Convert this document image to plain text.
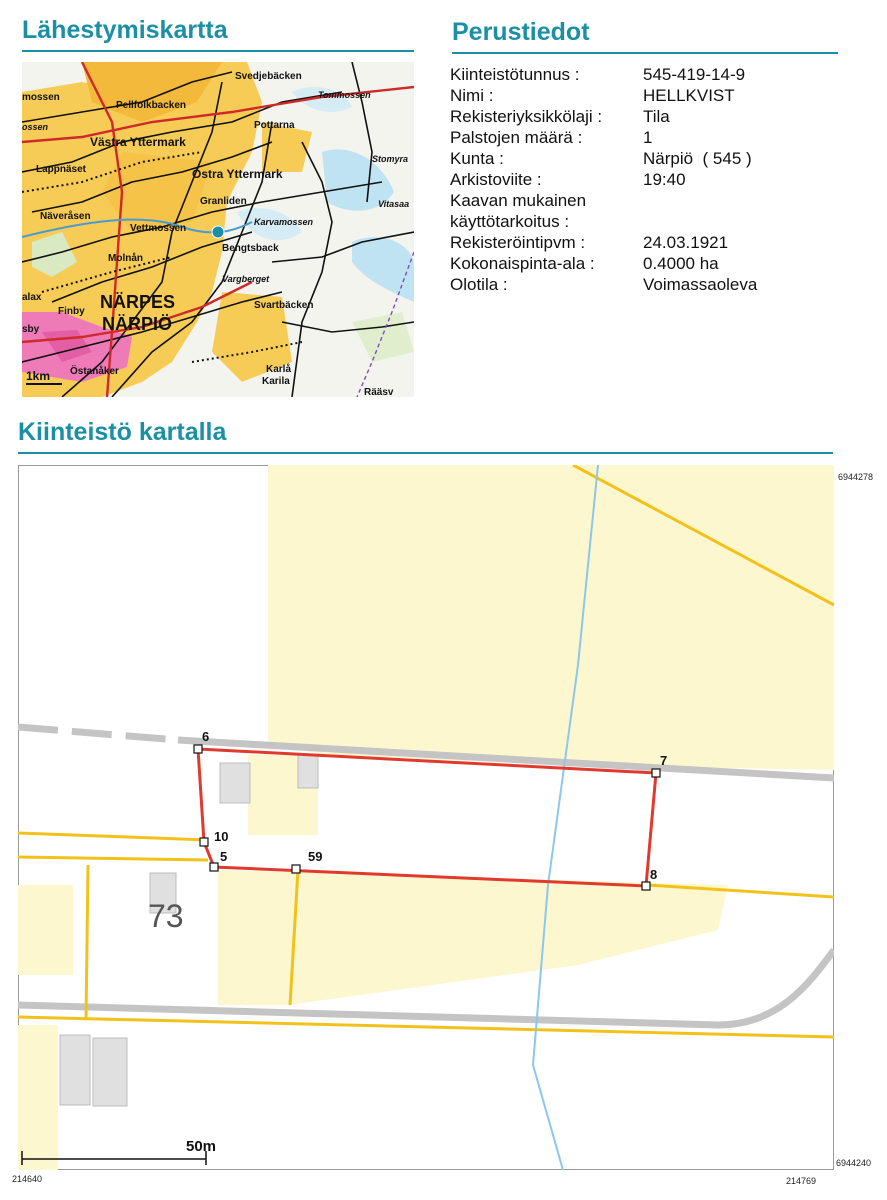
Lähestymiskartta	Perustiedot
Svedjebäcken
Tommossen
mossen
Pellfolkbacken
ossen	Pottarna
Västra Yttermark
Stomyra
Lappnäset	Östra Yttermark
Granliden	Vitasaa
Näveråsen	Karvamossen
Vettmossen
Bengtsback
Molnån
Vargberget
alax	NÄRPES	Svartbäcken
Finby
NÄRPIÖ
sby
Östanåker	Karlå
Karila
Rääsv
1km
Kiinteistötunnus :	545-419-14-9
Nimi :	HELLKVIST
Rekisteriyksikkölaji :	Tila
Palstojen määrä :	1
Kunta :	Närpiö  ( 545 )
Arkistoviite :	19:40
Kaavan mukainen
käyttötarkoitus :
Rekisteröintipvm :	24.03.1921
Kokonaispinta-ala :	0.4000 ha
Olotila :	Voimassaoleva
Kiinteistö kartalla
6
7
10
5	59
8
73
50m
6944278
6944240
214640	214769
